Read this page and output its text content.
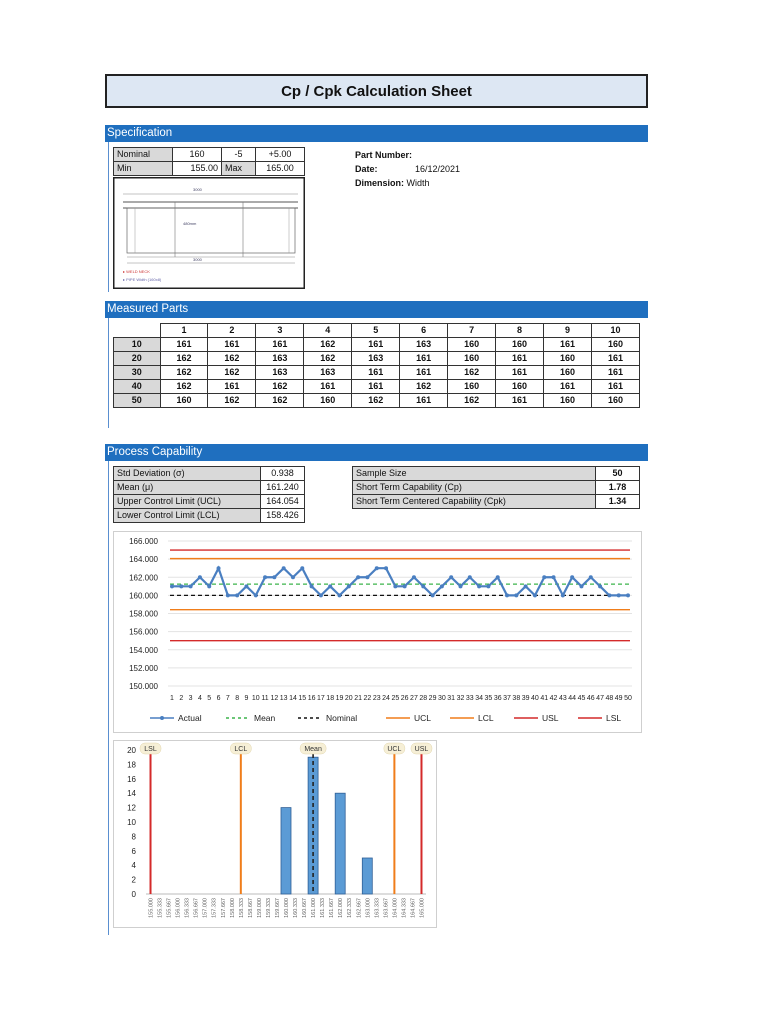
Cp / Cpk Calculation Sheet
Specification
Nominal	160	-5	+5.00
Min	155.00	Max	165.00
3000
480mm
3000
▸ WELD NECK
▸ PIPE Width (160x8)
Part Number:
Date:	16/12/2021
Dimension: Width
Measured Parts
	1	2	3	4	5	6	7	8	9	10
10	161	161	161	162	161	163	160	160	161	160
20	162	162	163	162	163	161	160	161	160	161
30	162	162	163	163	161	161	162	161	160	161
40	162	161	162	161	161	162	160	160	161	161
50	160	162	162	160	162	161	162	161	160	160
Process Capability
Std Deviation (σ)	0.938
Mean (μ)	161.240
Upper Control Limit (UCL)	164.054
Lower Control Limit (LCL)	158.426
Sample Size	50
Short Term Capability (Cp)	1.78
Short Term Centered Capability (Cpk)	1.34
166.000
164.000
162.000
160.000
158.000
156.000
154.000
152.000
150.000
1 2 3 4 5 6 7 8 9 10 11 12 13 14 15 16 17 18 19 20 21 22 23 24 25 26 27 28 29 30 31 32 33 34 35 36 37 38 39 40 41 42 43 44 45 46 47 48 49 50
Actual	Mean	Nominal	UCL	LCL	USL	LSL
20
18
16
14
12
10
8
6
4
2
0
LSL	LCL	Mean	UCL USL
155.000 155.333 155.667 156.000 156.333 156.667 157.000 157.333 157.667 158.000 158.333 158.667 159.000 159.333 159.667 160.000 160.333 160.667 161.000 161.333 161.667 162.000 162.333 162.667 163.000 163.333 163.667 164.000 164.333 164.667 165.000
